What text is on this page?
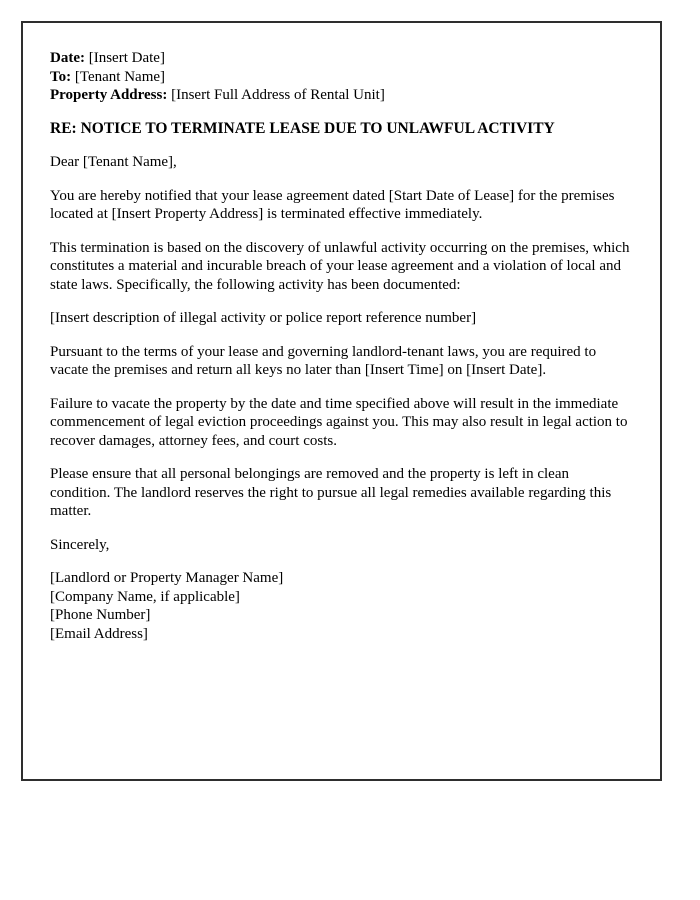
Date: [Insert Date]

To: [Tenant Name]

Property Address: [Insert Full Address of Rental Unit]

RE: NOTICE TO TERMINATE LEASE DUE TO UNLAWFUL ACTIVITY

Dear [Tenant Name],

You are hereby notified that your lease agreement dated [Start Date of Lease] for the premises located at [Insert Property Address] is terminated effective immediately.

This termination is based on the discovery of unlawful activity occurring on the premises, which constitutes a material and incurable breach of your lease agreement and a violation of local and state laws. Specifically, the following activity has been documented:

[Insert description of illegal activity or police report reference number]

Pursuant to the terms of your lease and governing landlord-tenant laws, you are required to vacate the premises and return all keys no later than [Insert Time] on [Insert Date].

Failure to vacate the property by the date and time specified above will result in the immediate commencement of legal eviction proceedings against you. This may also result in legal action to recover damages, attorney fees, and court costs.

Please ensure that all personal belongings are removed and the property is left in clean condition. The landlord reserves the right to pursue all legal remedies available regarding this matter.

Sincerely,

[Landlord or Property Manager Name]

[Company Name, if applicable]

[Phone Number]

[Email Address]
